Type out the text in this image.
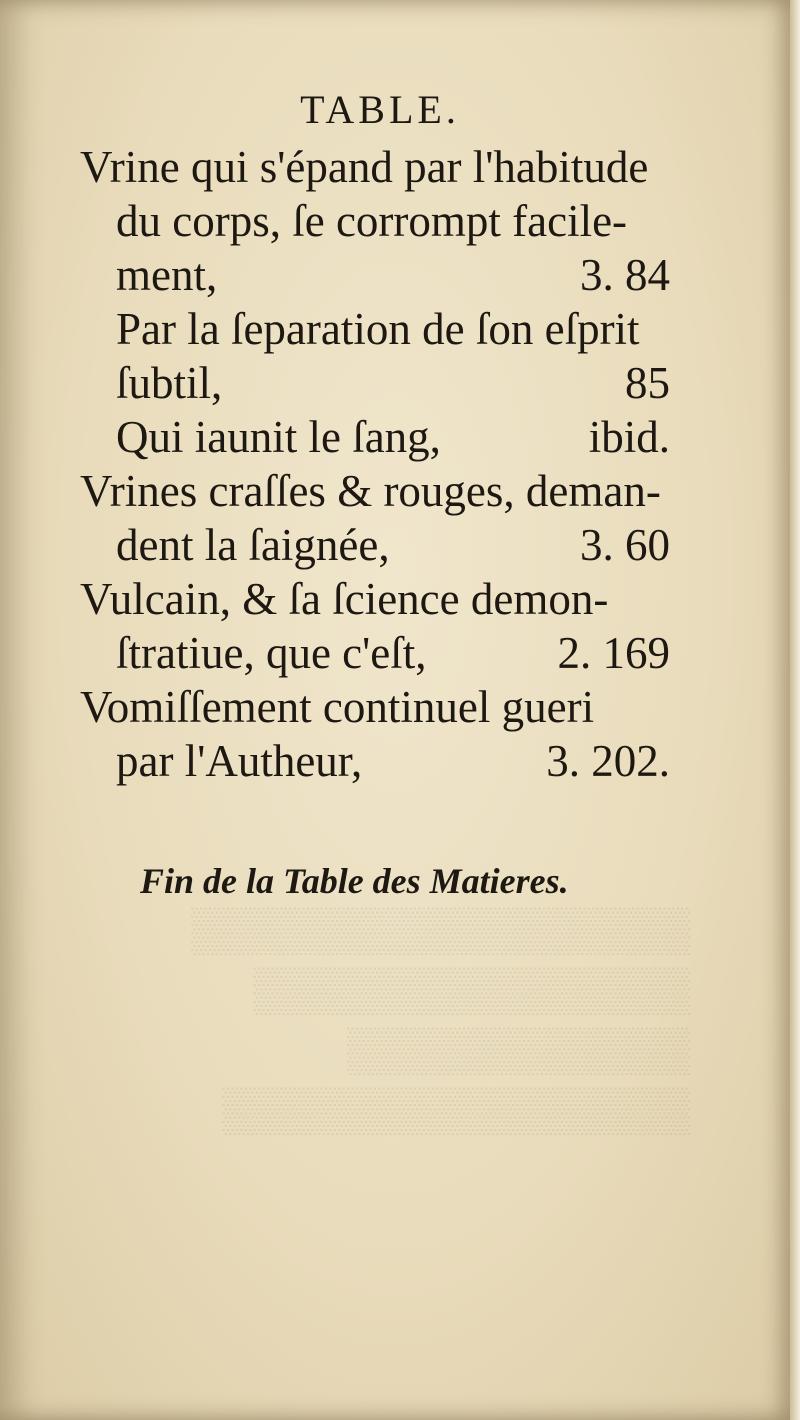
▒▒▒▒▒▒▒▒▒▒▒▒▒▒▒▒
▒▒▒▒▒▒▒▒▒▒▒▒▒▒
▒▒▒▒▒▒▒▒▒▒▒
▒▒▒▒▒▒▒▒▒▒▒▒▒▒▒
TABLE.
Vrine qui s'épand par l'habitude
du corps, ſe corrompt facile-
ment,	3. 84
Par la ſeparation de ſon eſprit
ſubtil,	85
Qui iaunit le ſang,	ibid.
Vrines craſſes & rouges, deman-
dent la ſaignée,	3. 60
Vulcain, & ſa ſcience demon-
ſtratiue, que c'eſt,	2. 169
Vomiſſement continuel gueri
par l'Autheur,	3. 202.
Fin de la Table des Matieres.
